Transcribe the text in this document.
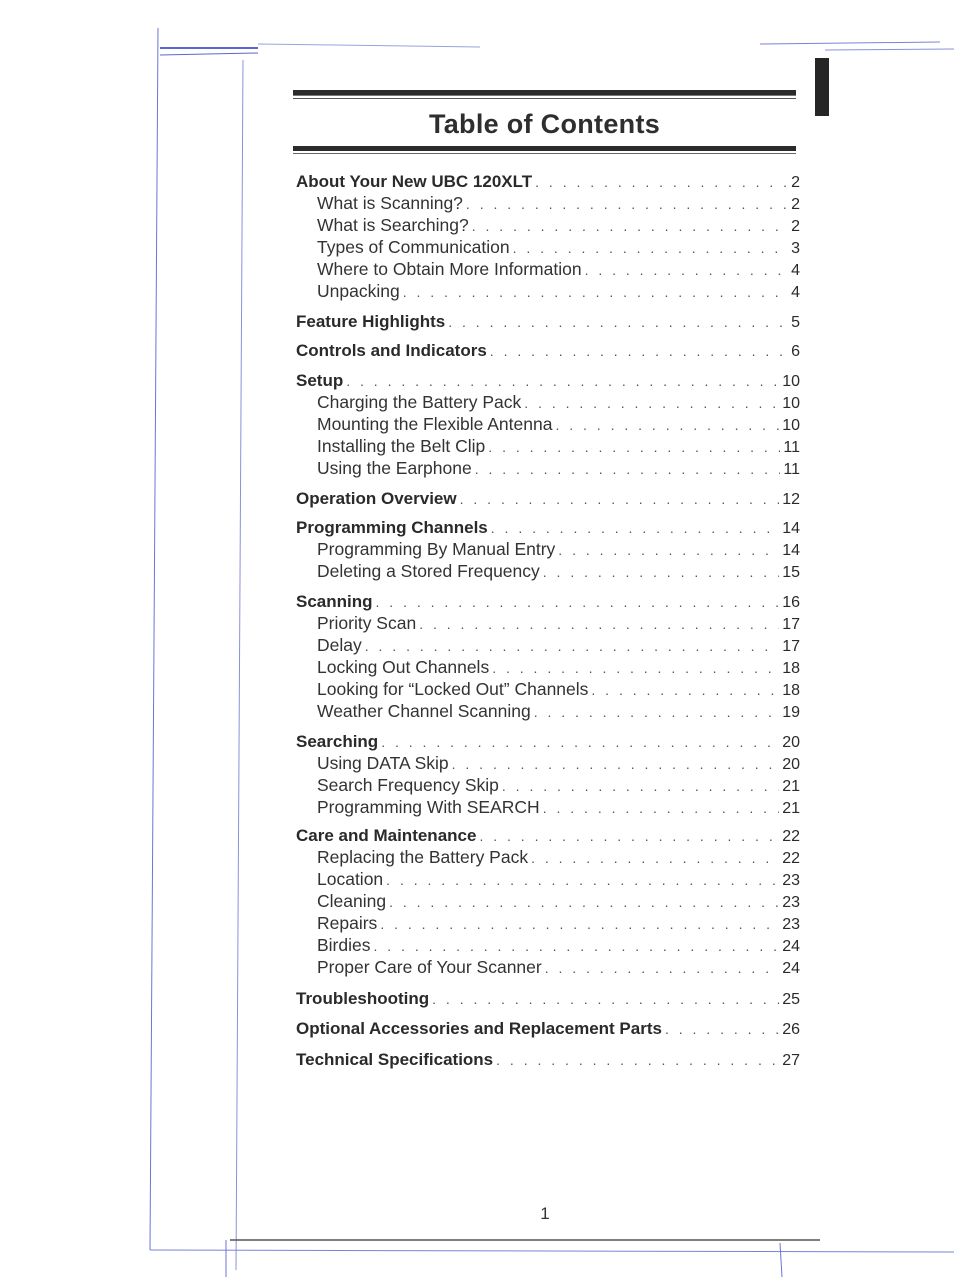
Table of Contents
About Your New UBC 120XLT . . .	2
What is Scanning? . . .	2
What is Searching? . . .	2
Types of Communication . . .	3
Where to Obtain More Information . . .	4
Unpacking . . .	4
Feature Highlights . . .	5
Controls and Indicators . . .	6
Setup . . .	10
Charging the Battery Pack . . .	10
Mounting the Flexible Antenna . . .	10
Installing the Belt Clip . . .	11
Using the Earphone . . .	11
Operation Overview . . .	12
Programming Channels . . .	14
Programming By Manual Entry . . .	14
Deleting a Stored Frequency . . .	15
Scanning . . .	16
Priority Scan . . .	17
Delay . . .	17
Locking Out Channels . . .	18
Looking for “Locked Out” Channels . . .	18
Weather Channel Scanning . . .	19
Searching . . .	20
Using DATA Skip . . .	20
Search Frequency Skip . . .	21
Programming With SEARCH . . .	21
Care and Maintenance . . .	22
Replacing the Battery Pack . . .	22
Location . . .	23
Cleaning . . .	23
Repairs . . .	23
Birdies . . .	24
Proper Care of Your Scanner . . .	24
Troubleshooting . . .	25
Optional Accessories and Replacement Parts . . .	26
Technical Specifications . . .	27
1
